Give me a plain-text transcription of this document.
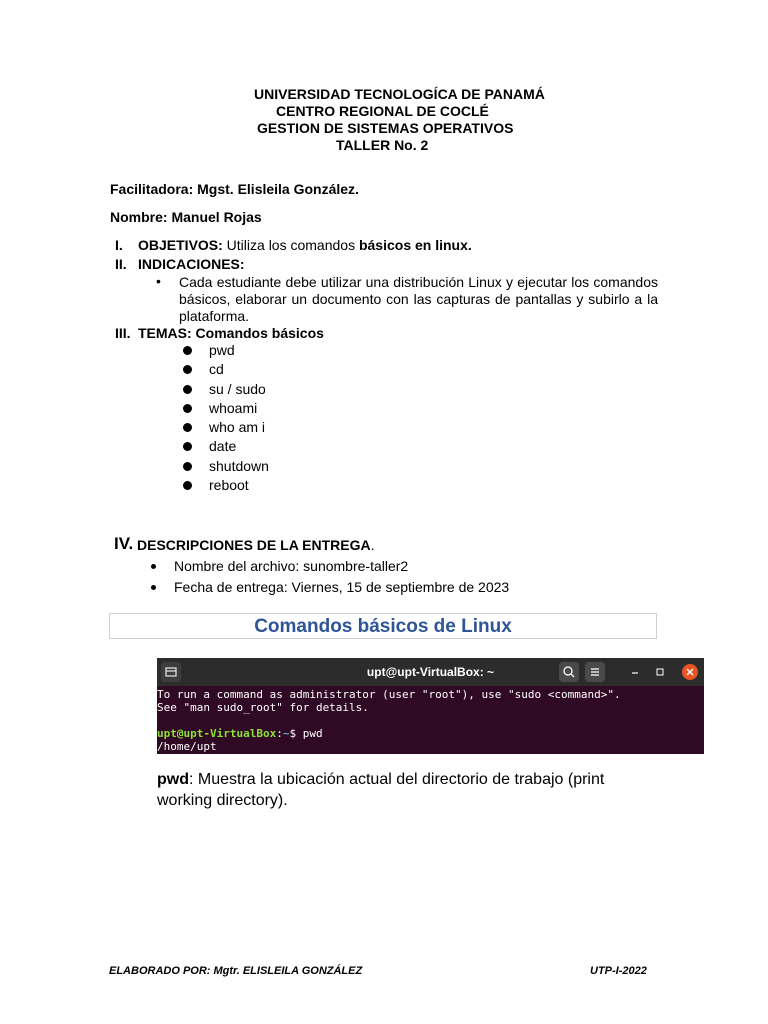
UNIVERSIDAD TECNOLOGÍCA DE PANAMÁ
CENTRO REGIONAL DE COCLÉ
GESTION DE SISTEMAS OPERATIVOS
TALLER No. 2
Facilitadora: Mgst. Elisleila González.
Nombre: Manuel Rojas
I. OBJETIVOS: Utiliza los comandos básicos en linux.
II. INDICACIONES:
• Cada estudiante debe utilizar una distribución Linux y ejecutar los comandos básicos, elaborar un documento con las capturas de pantallas y subirlo a la plataforma.
III. TEMAS: Comandos básicos
pwd
cd
su / sudo
whoami
who am i
date
shutdown
reboot
IV. DESCRIPCIONES DE LA ENTREGA.
Nombre del archivo: sunombre-taller2
Fecha de entrega: Viernes, 15 de septiembre de 2023
Comandos básicos de Linux
upt@upt-VirtualBox: ~
To run a command as administrator (user "root"), use "sudo <command>".
See "man sudo_root" for details.

upt@upt-VirtualBox:~$ pwd
/home/upt
pwd: Muestra la ubicación actual del directorio de trabajo (print working directory).
ELABORADO POR: Mgtr. ELISLEILA GONZÁLEZ	UTP-I-2022
